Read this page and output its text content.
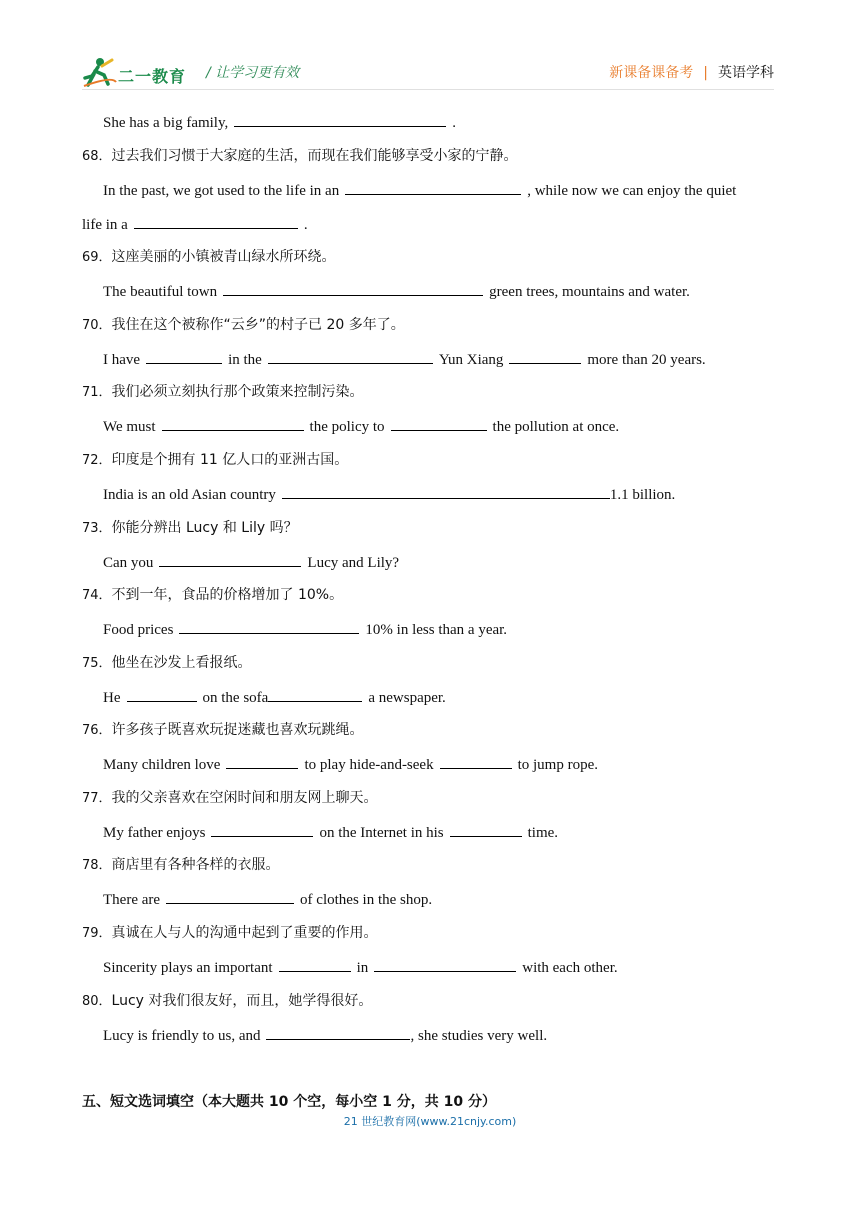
二一教育 / 让学习更有效	新课备课备考 | 英语学科
She has a big family,	.
68．过去我们习惯于大家庭的生活，而现在我们能够享受小家的宁静。
In the past, we got used to the life in an	, while now we can enjoy the quiet
life in a	.
69．这座美丽的小镇被青山绿水所环绕。
The beautiful town	green trees, mountains and water.
70．我住在这个被称作“云乡”的村子已 20 多年了。
I have	in the	Yun Xiang	more than 20 years.
71．我们必须立刻执行那个政策来控制污染。
We must	the policy to	the pollution at once.
72．印度是个拥有 11 亿人口的亚洲古国。
India is an old Asian country	1.1 billion.
73．你能分辨出 Lucy 和 Lily 吗？
Can you	Lucy and Lily?
74．不到一年，食品的价格增加了 10%。
Food prices	10% in less than a year.
75．他坐在沙发上看报纸。
He	on the sofa	a newspaper.
76．许多孩子既喜欢玩捉迷藏也喜欢玩跳绳。
Many children love	to play hide-and-seek	to jump rope.
77．我的父亲喜欢在空闲时间和朋友网上聊天。
My father enjoys	on the Internet in his	time.
78．商店里有各种各样的衣服。
There are	of clothes in the shop.
79．真诚在人与人的沟通中起到了重要的作用。
Sincerity plays an important	in	with each other.
80．Lucy 对我们很友好，而且，她学得很好。
Lucy is friendly to us, and	, she studies very well.
五、短文选词填空（本大题共 10 个空，每小空 1 分，共 10 分）
21 世纪教育网(www.21cnjy.com)
